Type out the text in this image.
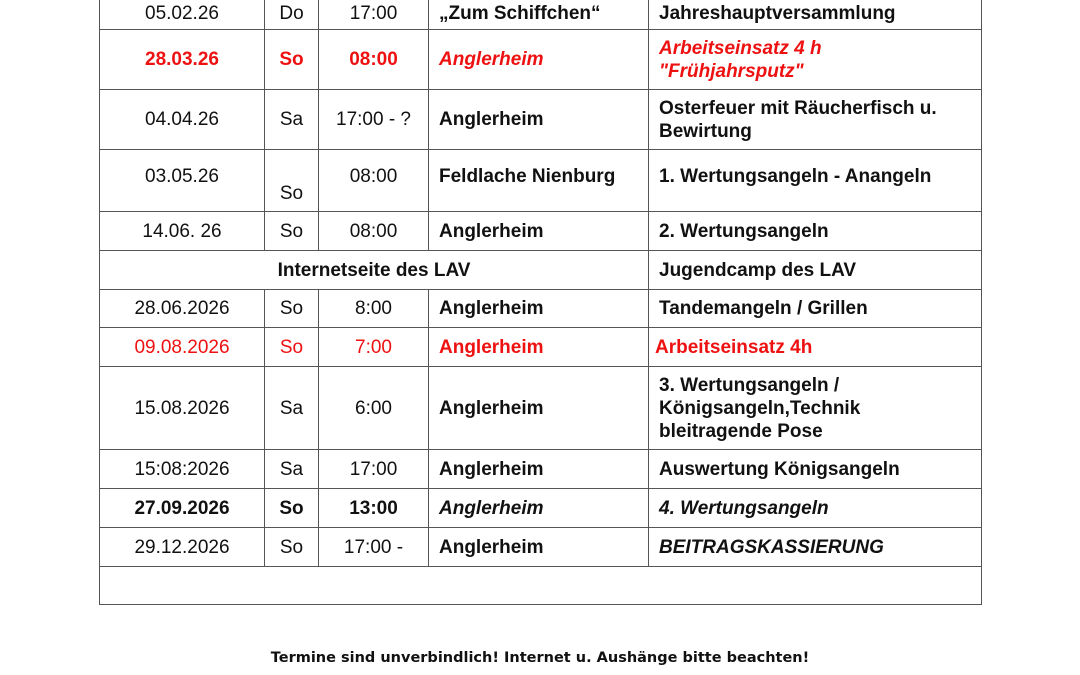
05.02.26	Do	17:00	„Zum Schiffchen“	Jahreshauptversammlung
28.03.26	So	08:00	Anglerheim	Arbeitseinsatz 4 h
"Frühjahrsputz"

04.04.26	Sa	17:00 - ?	Anglerheim	Osterfeuer mit Räucherfisch u.
Bewirtung

03.05.26	So	08:00	Feldlache Nienburg	1. Wertungsangeln - Anangeln
14.06. 26	So	08:00	Anglerheim	2. Wertungsangeln
Internetseite des LAV				Jugendcamp des LAV
28.06.2026	So	8:00	Anglerheim	Tandemangeln / Grillen
09.08.2026	So	7:00	Anglerheim	Arbeitseinsatz 4h
15.08.2026	Sa	6:00	Anglerheim	3. Wertungsangeln /
Königsangeln,Technik
bleitragende Pose

15:08:2026	Sa	17:00	Anglerheim	Auswertung Königsangeln
27.09.2026	So	13:00	Anglerheim	4. Wertungsangeln
29.12.2026	So	17:00 -	Anglerheim	BEITRAGSKASSIERUNG

Termine sind unverbindlich! Internet u. Aushänge bitte beachten!
